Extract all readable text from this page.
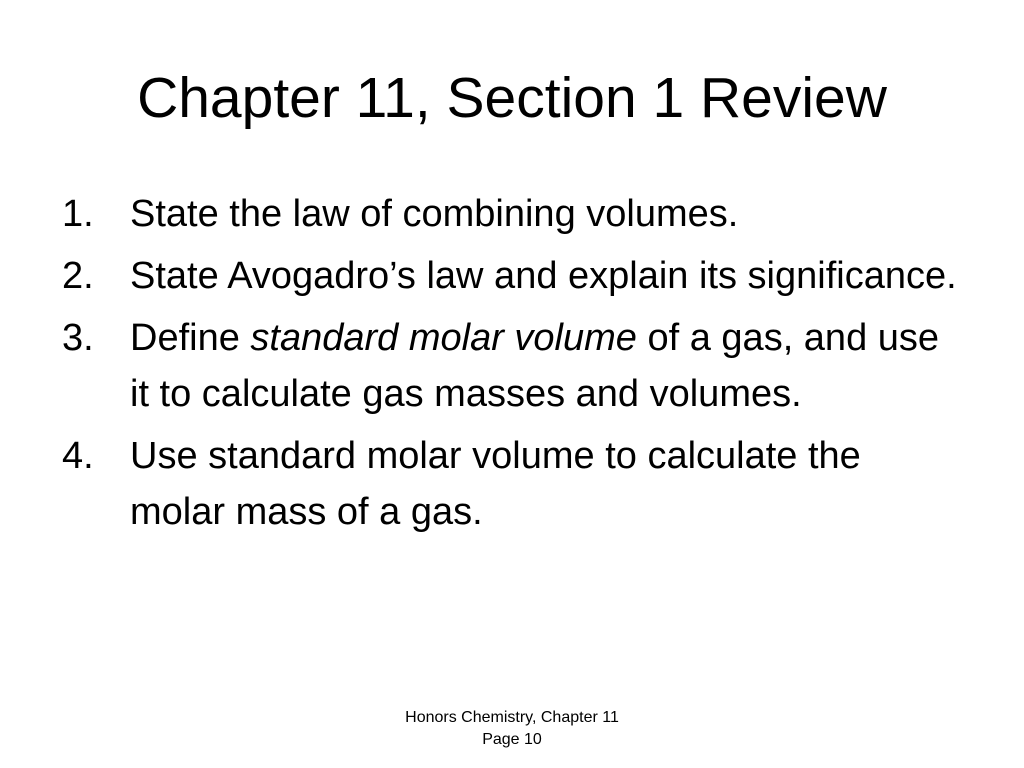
Chapter 11, Section 1 Review
1. State the law of combining volumes.
2. State Avogadro’s law and explain its significance.
3. Define standard molar volume of a gas, and use it to calculate gas masses and volumes.
4. Use standard molar volume to calculate the molar mass of a gas.
Honors Chemistry, Chapter 11
Page 10
